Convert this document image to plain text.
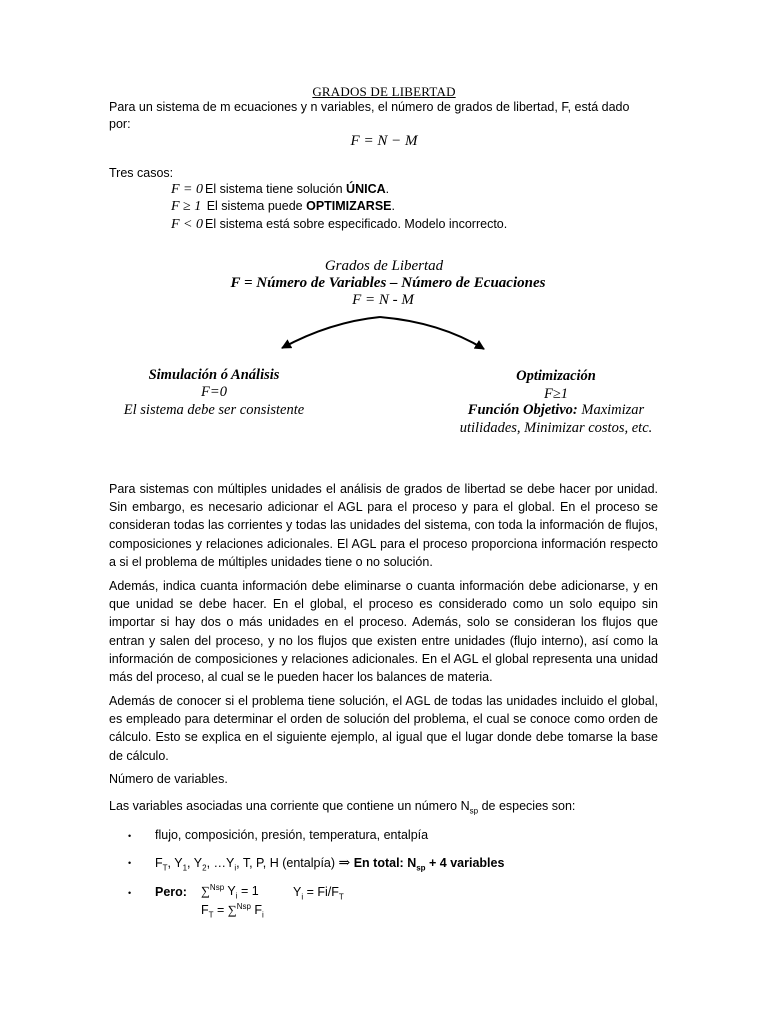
GRADOS DE LIBERTAD
Para un sistema de m ecuaciones y n variables, el número de grados de libertad, F, está dado
por:
F = N − M
Tres casos:
F = 0 El sistema tiene solución ÚNICA.
F ≥ 1 El sistema puede OPTIMIZARSE.
F < 0 El sistema está sobre especificado. Modelo incorrecto.
Grados de Libertad
F = Número de Variables – Número de Ecuaciones
F = N - M
Simulación ó Análisis
F=0
El sistema debe ser consistente
Optimización
F≥1
Función Objetivo: Maximizar
utilidades, Minimizar costos, etc.
Para sistemas con múltiples unidades el análisis de grados de libertad se debe hacer por unidad. Sin embargo, es necesario adicionar el AGL para el proceso y para el global. En el proceso se consideran todas las corrientes y todas las unidades del sistema, con toda la información de flujos, composiciones y relaciones adicionales. El AGL para el proceso proporciona información respecto a si el problema de múltiples unidades tiene o no solución.
Además, indica cuanta información debe eliminarse o cuanta información debe adicionarse, y en que unidad se debe hacer. En el global, el proceso es considerado como un solo equipo sin importar si hay dos o más unidades en el proceso. Además, solo se consideran los flujos que entran y salen del proceso, y no los flujos que existen entre unidades (flujo interno), así como la información de composiciones y relaciones adicionales. En el AGL el global representa una unidad más del proceso, al cual se le pueden hacer los balances de materia.
Además de conocer si el problema tiene solución, el AGL de todas las unidades incluido el global, es empleado para determinar el orden de solución del problema, el cual se conoce como orden de cálculo. Esto se explica en el siguiente ejemplo, al igual que el lugar donde debe tomarse la base de cálculo.
Número de variables.
Las variables asociadas una corriente que contiene un número $N_{sp}$ de especies son:
• flujo, composición, presión, temperatura, entalpía
• $F_T$, $Y_1$, $Y_2$, $\dots Y_i$, T, P, H (entalpía) ⇒ En total: $N_{sp} + 4$ variables
• Pero: ∑$^{Nsp}$ $Y_i = 1$	$Y_i = Fi/F_T$
$F_T = \sum^{Nsp}$ $F_i$
